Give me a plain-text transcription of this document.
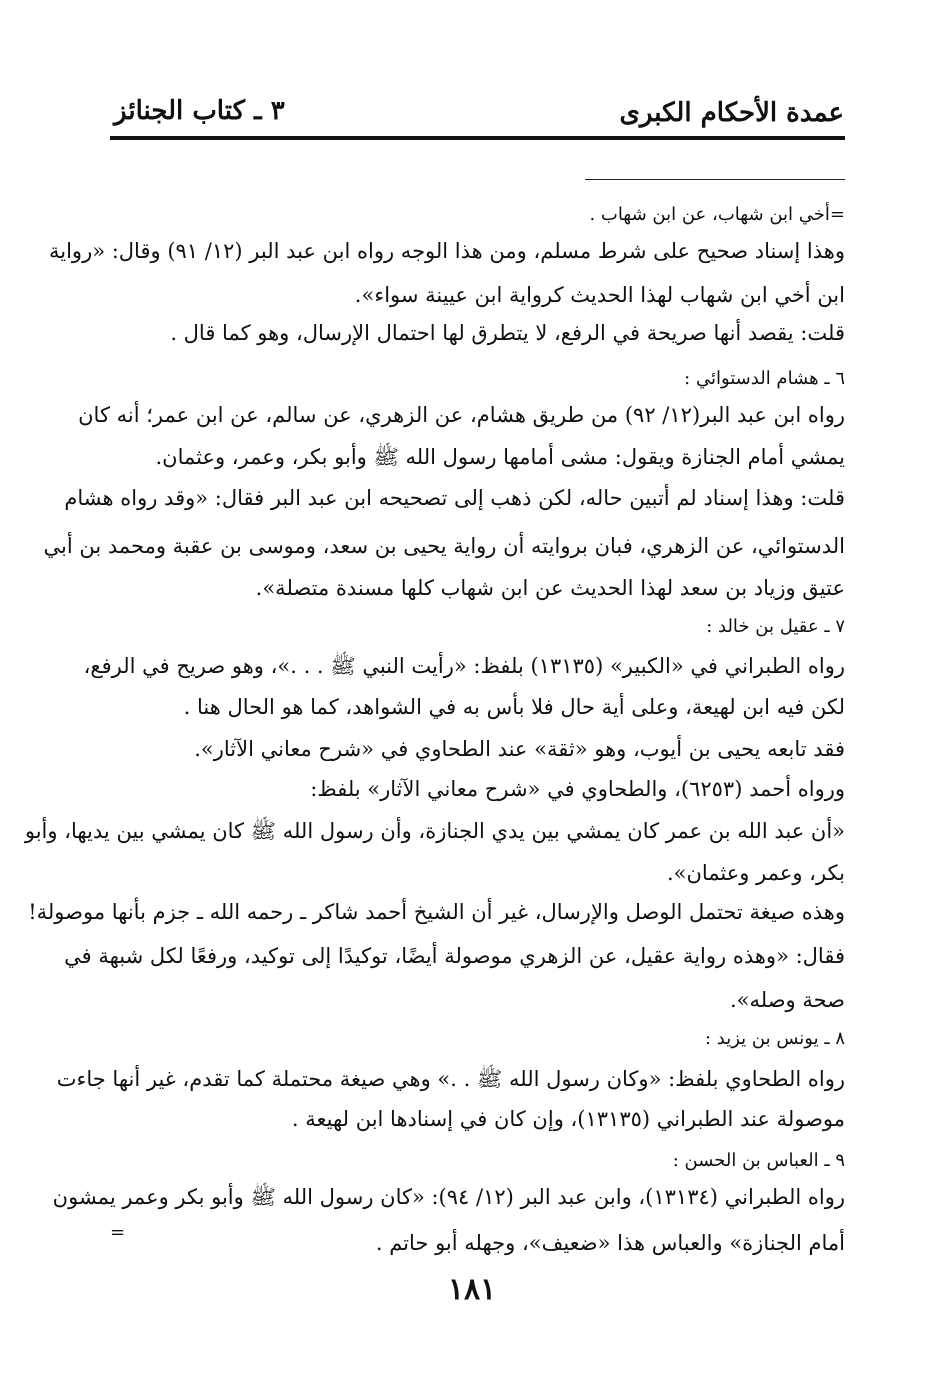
عمدة الأحكام الكبرى
٣ ـ كتاب الجنائز
=أخي ابن شهاب، عن ابن شهاب .
وهذا إسناد صحيح على شرط مسلم، ومن هذا الوجه رواه ابن عبد البر (١٢/ ٩١) وقال: «رواية
ابن أخي ابن شهاب لهذا الحديث كرواية ابن عيينة سواء».
قلت: يقصد أنها صريحة في الرفع، لا يتطرق لها احتمال الإرسال، وهو كما قال .
٦ ـ هشام الدستوائي :
رواه ابن عبد البر(١٢/ ٩٢) من طريق هشام، عن الزهري، عن سالم، عن ابن عمر؛ أنه كان
يمشي أمام الجنازة ويقول: مشى أمامها رسول الله ﷺ وأبو بكر، وعمر، وعثمان.
قلت: وهذا إسناد لم أتبين حاله، لكن ذهب إلى تصحيحه ابن عبد البر فقال: «وقد رواه هشام
الدستوائي، عن الزهري، فبان بروايته أن رواية يحيى بن سعد، وموسى بن عقبة ومحمد بن أبي
عتيق وزياد بن سعد لهذا الحديث عن ابن شهاب كلها مسندة متصلة».
٧ ـ عقيل بن خالد :
رواه الطبراني في «الكبير» (١٣١٣٥) بلفظ: «رأيت النبي ﷺ . . .»، وهو صريح في الرفع،
لكن فيه ابن لهيعة، وعلى أية حال فلا بأس به في الشواهد، كما هو الحال هنا .
فقد تابعه يحيى بن أيوب، وهو «ثقة» عند الطحاوي في «شرح معاني الآثار».
ورواه أحمد (٦٢٥٣)، والطحاوي في «شرح معاني الآثار» بلفظ:
«أن عبد الله بن عمر كان يمشي بين يدي الجنازة، وأن رسول الله ﷺ كان يمشي بين يديها، وأبو
بكر، وعمر وعثمان».
وهذه صيغة تحتمل الوصل والإرسال، غير أن الشيخ أحمد شاكر ـ رحمه الله ـ جزم بأنها موصولة!
فقال: «وهذه رواية عقيل، عن الزهري موصولة أيضًا، توكيدًا إلى توكيد، ورفعًا لكل شبهة في
صحة وصله».
٨ ـ يونس بن يزيد :
رواه الطحاوي بلفظ: «وكان رسول الله ﷺ . .» وهي صيغة محتملة كما تقدم، غير أنها جاءت
موصولة عند الطبراني (١٣١٣٥)، وإن كان في إسنادها ابن لهيعة .
٩ ـ العباس بن الحسن :
رواه الطبراني (١٣١٣٤)، وابن عبد البر (١٢/ ٩٤): «كان رسول الله ﷺ وأبو بكر وعمر يمشون
أمام الجنازة» والعباس هذا «ضعيف»، وجهله أبو حاتم .
=
١٨١
